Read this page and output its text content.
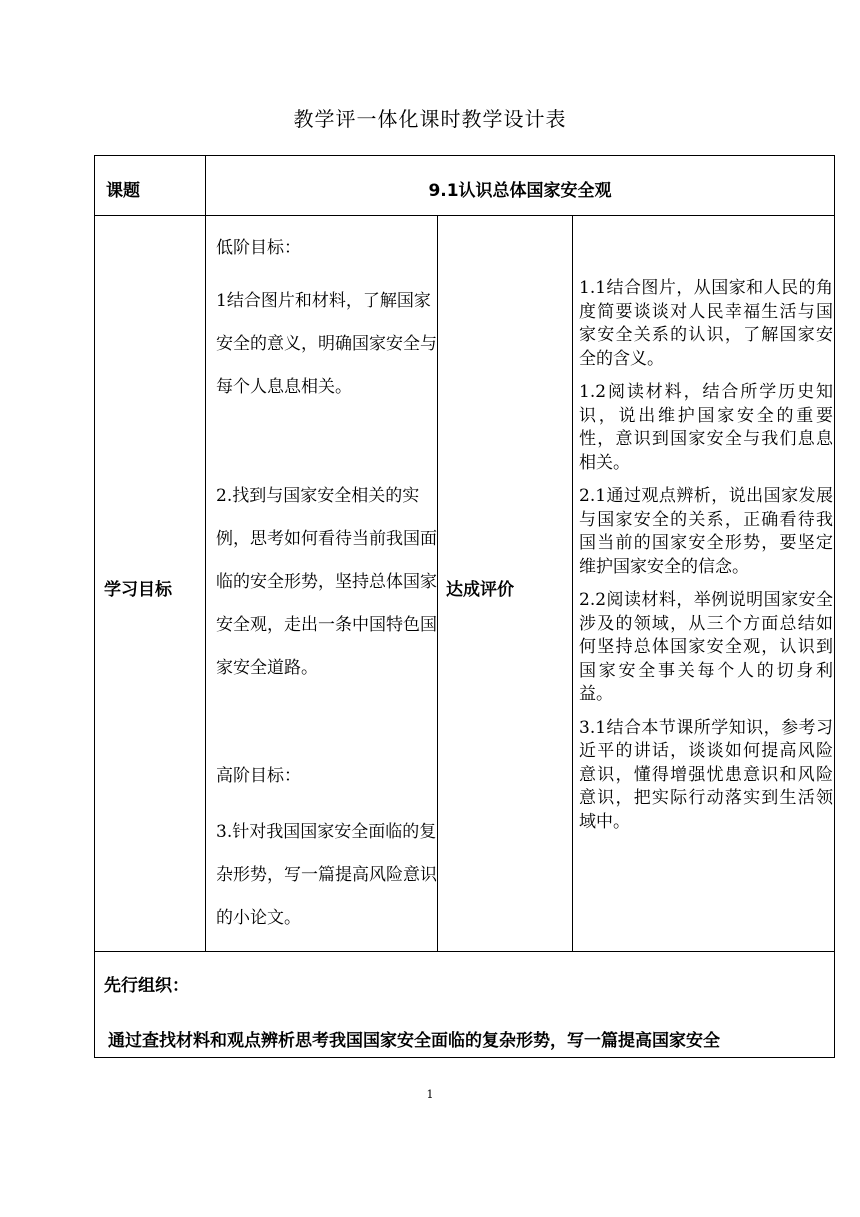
教学评一体化课时教学设计表
课题	9.1认识总体国家安全观
学习目标	达成评价
低阶目标：
1结合图片和材料，了解国家安全的意义，明确国家安全与每个人息息相关。
2.找到与国家安全相关的实例，思考如何看待当前我国面临的安全形势，坚持总体国家安全观，走出一条中国特色国家安全道路。
高阶目标：
3.针对我国国家安全面临的复杂形势，写一篇提高风险意识的小论文。

1.1结合图片，从国家和人民的角度简要谈谈对人民幸福生活与国家安全关系的认识，了解国家安全的含义。

1.2阅读材料，结合所学历史知识，说出维护国家安全的重要性，意识到国家安全与我们息息相关。

2.1通过观点辨析，说出国家发展与国家安全的关系，正确看待我国当前的国家安全形势，要坚定维护国家安全的信念。

2.2阅读材料，举例说明国家安全涉及的领域，从三个方面总结如何坚持总体国家安全观，认识到国家安全事关每个人的切身利益。

3.1结合本节课所学知识，参考习近平的讲话，谈谈如何提高风险意识，懂得增强忧患意识和风险意识，把实际行动落实到生活领域中。

先行组织：
通过查找材料和观点辨析思考我国国家安全面临的复杂形势，写一篇提高国家安全
1
